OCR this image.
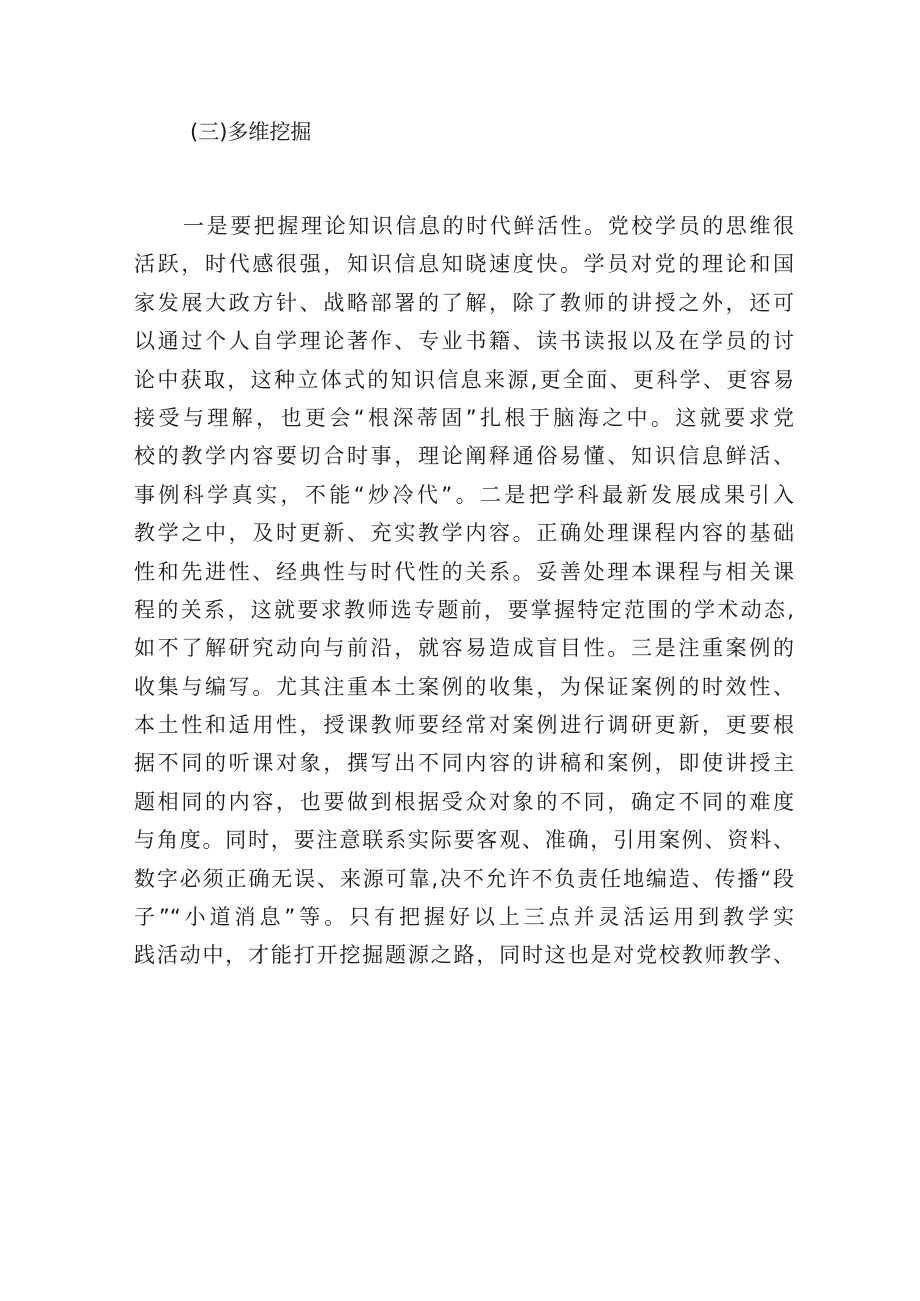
(三)多维挖掘
一是要把握理论知识信息的时代鲜活性。党校学员的思维很
活跃，时代感很强，知识信息知晓速度快。学员对党的理论和国
家发展大政方针、战略部署的了解，除了教师的讲授之外，还可
以通过个人自学理论著作、专业书籍、读书读报以及在学员的讨
论中获取，这种立体式的知识信息来源,更全面、更科学、更容易
接受与理解，也更会“根深蒂固”扎根于脑海之中。这就要求党
校的教学内容要切合时事，理论阐释通俗易懂、知识信息鲜活、
事例科学真实，不能“炒冷代”。二是把学科最新发展成果引入
教学之中，及时更新、充实教学内容。正确处理课程内容的基础
性和先进性、经典性与时代性的关系。妥善处理本课程与相关课
程的关系，这就要求教师选专题前，要掌握特定范围的学术动态,
如不了解研究动向与前沿，就容易造成盲目性。三是注重案例的
收集与编写。尤其注重本土案例的收集，为保证案例的时效性、
本土性和适用性，授课教师要经常对案例进行调研更新，更要根
据不同的听课对象，撰写出不同内容的讲稿和案例，即使讲授主
题相同的内容，也要做到根据受众对象的不同，确定不同的难度
与角度。同时，要注意联系实际要客观、准确，引用案例、资料、
数字必须正确无误、来源可靠,决不允许不负责任地编造、传播“段
子”“小道消息”等。只有把握好以上三点并灵活运用到教学实
践活动中，才能打开挖掘题源之路，同时这也是对党校教师教学、
